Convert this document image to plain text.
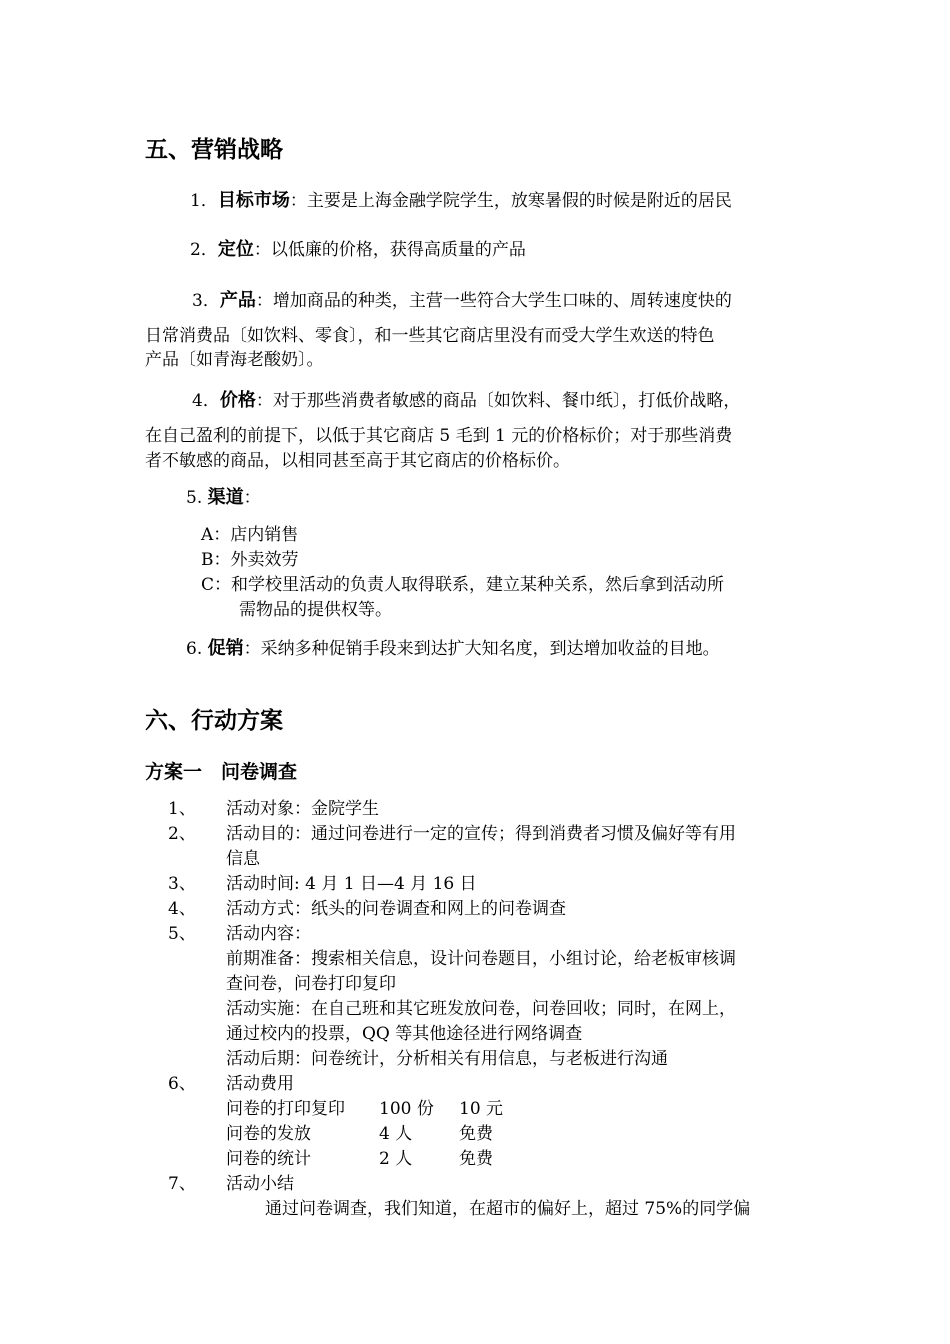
五、营销战略
1．目标市场：主要是上海金融学院学生，放寒暑假的时候是附近的居民
2．定位：以低廉的价格，获得高质量的产品
3．产品：增加商品的种类，主营一些符合大学生口味的、周转速度快的
日常消费品〔如饮料、零食〕，和一些其它商店里没有而受大学生欢送的特色
产品〔如青海老酸奶〕。
4．价格：对于那些消费者敏感的商品〔如饮料、餐巾纸〕，打低价战略，
在自己盈利的前提下，以低于其它商店 5 毛到 1 元的价格标价；对于那些消费
者不敏感的商品，以相同甚至高于其它商店的价格标价。
5. 渠道：
A：店内销售
B：外卖效劳
C：和学校里活动的负责人取得联系，建立某种关系，然后拿到活动所
需物品的提供权等。
6. 促销：采纳多种促销手段来到达扩大知名度，到达增加收益的目地。
六、行动方案
方案一　问卷调查
1、 活动对象：金院学生
2、 活动目的：通过问卷进行一定的宣传；得到消费者习惯及偏好等有用
信息
3、 活动时间: 4 月 1 日—4 月 16 日
4、 活动方式：纸头的问卷调查和网上的问卷调查
5、 活动内容：
前期准备：搜索相关信息，设计问卷题目，小组讨论，给老板审核调
查问卷，问卷打印复印
活动实施：在自己班和其它班发放问卷，问卷回收；同时，在网上，
通过校内的投票，QQ 等其他途径进行网络调查
活动后期：问卷统计，分析相关有用信息，与老板进行沟通
6、 活动费用
问卷的打印复印 100 份 10 元
问卷的发放	4 人	免费
问卷的统计	2 人	免费
7、 活动小结
通过问卷调查，我们知道，在超市的偏好上，超过 75%的同学偏
